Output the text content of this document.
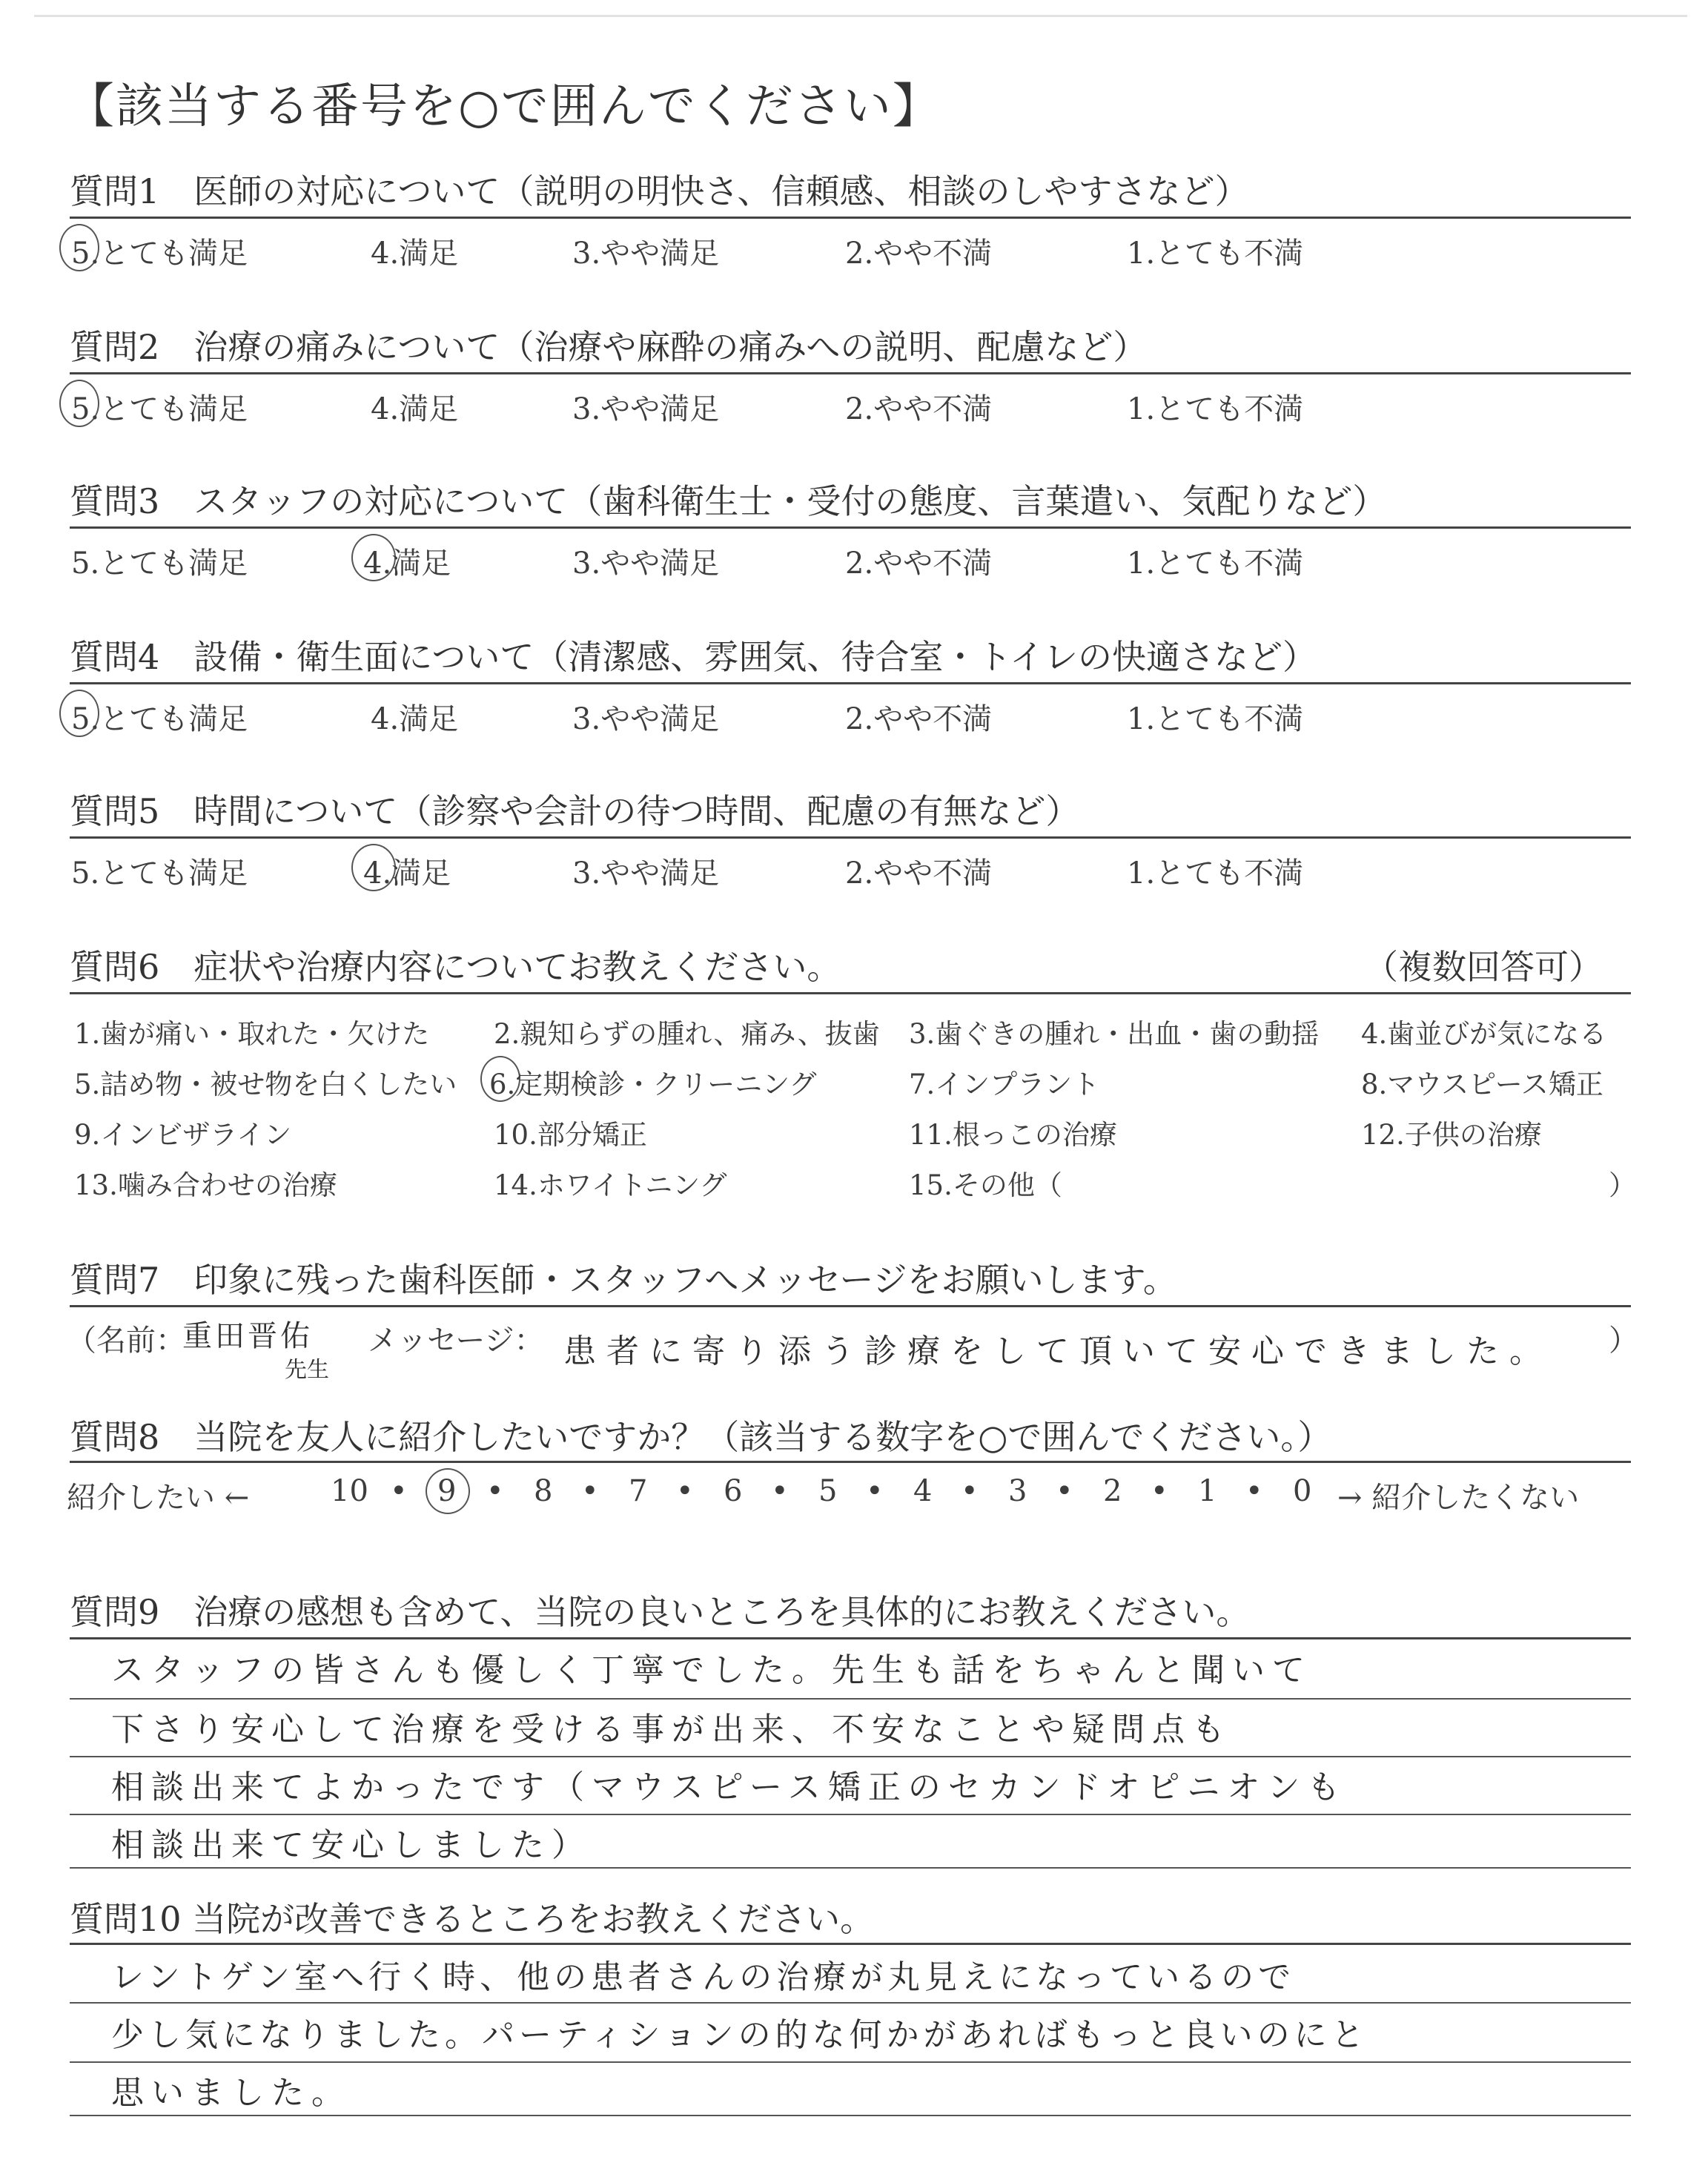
【該当する番号を○で囲んでください】
質問1　医師の対応について（説明の明快さ、信頼感、相談のしやすさなど）
5.とても満足	4.満足	3.やや満足	2.やや不満	1.とても不満
質問2　治療の痛みについて（治療や麻酔の痛みへの説明、配慮など）
5.とても満足	4.満足	3.やや満足	2.やや不満	1.とても不満
質問3　スタッフの対応について（歯科衛生士・受付の態度、言葉遣い、気配りなど）
5.とても満足	4.満足	3.やや満足	2.やや不満	1.とても不満
質問4　設備・衛生面について（清潔感、雰囲気、待合室・トイレの快適さなど）
5.とても満足	4.満足	3.やや満足	2.やや不満	1.とても不満
質問5　時間について（診察や会計の待つ時間、配慮の有無など）
5.とても満足	4.満足	3.やや満足	2.やや不満	1.とても不満
質問6　症状や治療内容についてお教えください。	（複数回答可）
1.歯が痛い・取れた・欠けた 2.親知らずの腫れ、痛み、抜歯 3.歯ぐきの腫れ・出血・歯の動揺 4.歯並びが気になる
5.詰め物・被せ物を白くしたい 6.定期検診・クリーニング	7.インプラント	8.マウスピース矯正
9.インビザライン	10.部分矯正	11.根っこの治療	12.子供の治療
13.噛み合わせの治療	14.ホワイトニング	15.その他（	）
質問7　印象に残った歯科医師・スタッフへメッセージをお願いします。
（名前：
重田晋佑
先生
メッセージ： 患者に寄り添う診療をして頂いて安心できました。 ）
質問8　当院を友人に紹介したいですか？（該当する数字を○で囲んでください。）
紹介したい ←	→ 紹介したくない
10 9	8	7	6	5	4	3	2	1	0
•	•	•	•	•	•	•	•	•	•
質問9　治療の感想も含めて、当院の良いところを具体的にお教えください。
スタッフの皆さんも優しく丁寧でした。先生も話をちゃんと聞いて
下さり安心して治療を受ける事が出来、不安なことや疑問点も
相談出来てよかったです（マウスピース矯正のセカンドオピニオンも
相談出来て安心しました）
質問10 当院が改善できるところをお教えください。
レントゲン室へ行く時、他の患者さんの治療が丸見えになっているので
少し気になりました。パーティションの的な何かがあればもっと良いのにと
思いました。
